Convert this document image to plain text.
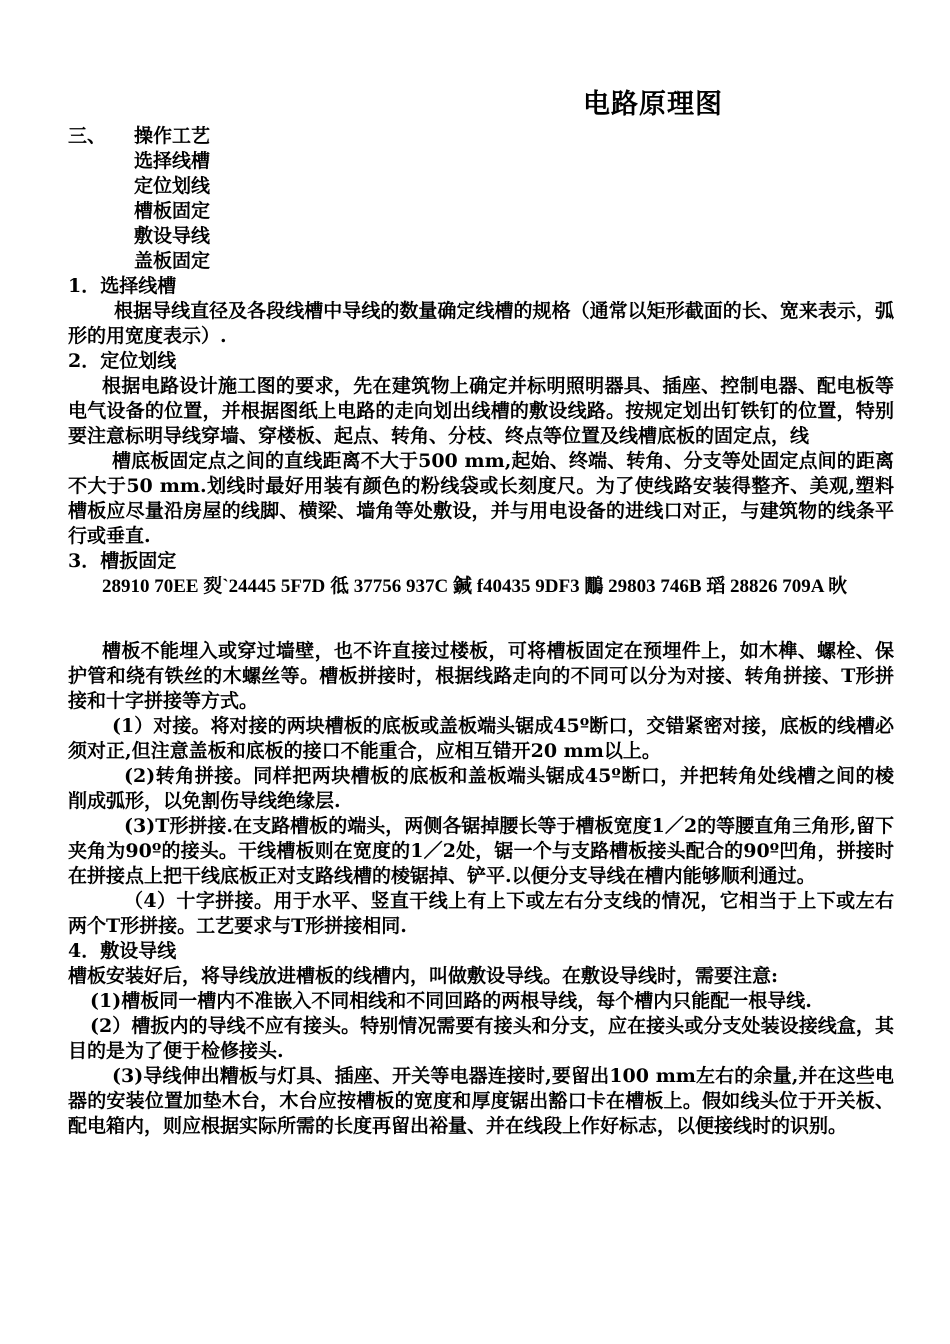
电路原理图
三、	操作工艺
选择线槽
定位划线
槽板固定
敷设导线
盖板固定

1．选择线槽

根据导线直径及各段线槽中导线的数量确定线槽的规格（通常以矩形截面的长、宽来表示，弧形的用宽度表示）.

2．定位划线

根据电路设计施工图的要求，先在建筑物上确定并标明照明器具、插座、控制电器、配电板等电气设备的位置，并根据图纸上电路的走向划出线槽的敷设线路。按规定划出钉铁钉的位置，特别要注意标明导线穿墙、穿楼板、起点、转角、分枝、终点等位置及线槽底板的固定点，线

槽底板固定点之间的直线距离不大于500 mm,起始、终端、转角、分支等处固定点间的距离不大于50 mm.划线时最好用装有颜色的粉线袋或长刻度尺。为了使线路安装得整齐、美观,塑料槽板应尽量沿房屋的线脚、横梁、墙角等处敷设，并与用电设备的进线口对正，与建筑物的线条平行或垂直.

3．槽扳固定

28910 70EE 烮`24445 5F7D 彽 37756 937C 鍼 f40435 9DF3 鷳 29803 746B 瑫 28826 709A 炚

槽板不能埋入或穿过墙壁，也不许直接过楼板，可将槽板固定在预埋件上，如木榫、螺栓、保护管和绕有铁丝的木螺丝等。槽板拼接时，根据线路走向的不同可以分为对接、转角拼接、T形拼接和十字拼接等方式。

(1）对接。将对接的两块槽板的底板或盖板端头锯成45º断口，交错紧密对接，底板的线槽必须对正,但注意盖板和底板的接口不能重合，应相互错开20 mm以上。

(2)转角拼接。同样把两块槽板的底板和盖板端头锯成45º断口，并把转角处线槽之间的棱削成弧形，以免割伤导线绝缘层.

(3)T形拼接.在支路槽板的端头，两侧各锯掉腰长等于槽板宽度1／2的等腰直角三角形,留下夹角为90º的接头。干线槽板则在宽度的1／2处，锯一个与支路槽板接头配合的90º凹角，拼接时在拼接点上把干线底板正对支路线槽的棱锯掉、铲平.以便分支导线在槽内能够顺利通过。

（4）十字拼接。用于水平、竖直干线上有上下或左右分支线的情况，它相当于上下或左右两个T形拼接。工艺要求与T形拼接相同.

4．敷设导线

槽板安装好后，将导线放进槽板的线槽内，叫做敷设导线。在敷设导线时，需要注意:

(1)槽板同一槽内不准嵌入不同相线和不同回路的两根导线，每个槽内只能配一根导线.

(2）槽扳内的导线不应有接头。特别情况需要有接头和分支，应在接头或分支处装设接线盒，其目的是为了便于检修接头.

(3)导线伸出糟板与灯具、插座、开关等电器连接时,要留出100 mm左右的余量,并在这些电器的安装位置加垫木台，木台应按槽板的宽度和厚度锯出豁口卡在槽板上。假如线头位于开关板、配电箱内，则应根据实际所需的长度再留出裕量、并在线段上作好标志，以便接线时的识别。
